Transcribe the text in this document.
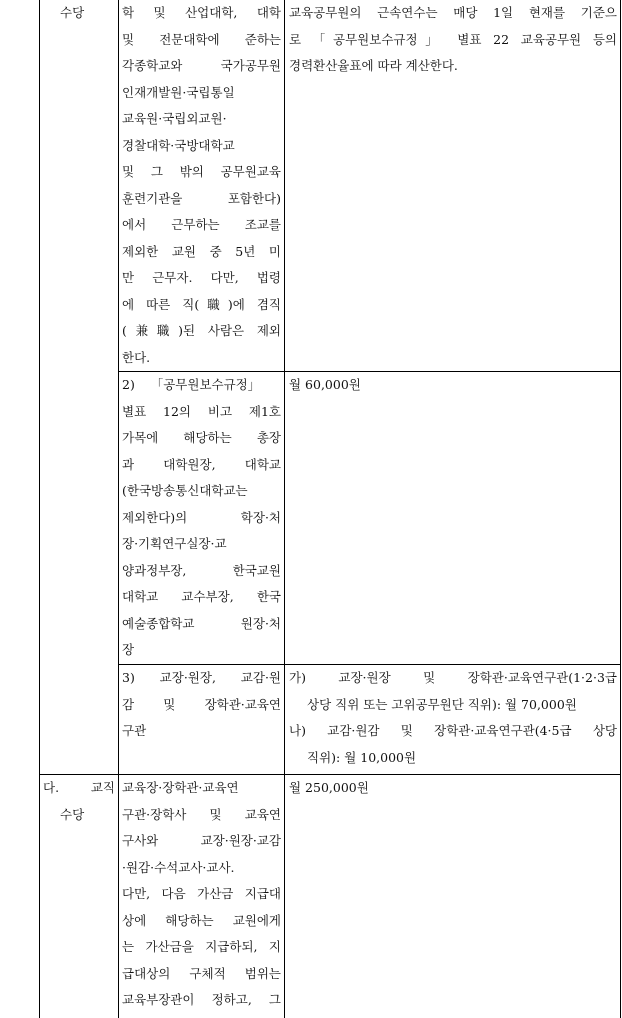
수당	학 및 산업대학, 대학
및 전문대학에 준하는
각종학교와 국가공무원
인재개발원·국립통일
교육원·국립외교원·
경찰대학·국방대학교
및 그 밖의 공무원교육
훈련기관을 포함한다)
에서 근무하는 조교를
제외한 교원 중 5년 미
만 근무자. 다만, 법령
에 따른 직(職)에 겸직
(兼職)된 사람은 제외
한다.
교육공무원의 근속연수는 매당 1일 현재를 기준으
로 「공무원보수규정」 별표 22 교육공무원 등의
경력환산율표에 따라 계산한다.
2)    「공무원보수규정」
별표 12의 비고 제1호
가목에 해당하는 총장
과 대학원장, 대학교
(한국방송통신대학교는
제외한다)의 학장·처
장·기획연구실장·교
양과정부장, 한국교원
대학교 교수부장, 한국
예술종합학교 원장·처
장
월 60,000원
3) 교장·원장, 교감·원
감 및 장학관·교육연
구관
가) 교장·원장 및 장학관·교육연구관(1·2·3급
상당 직위 또는 고위공무원단 직위): 월 70,000원
나) 교감·원감 및 장학관·교육연구관(4·5급 상당
직위): 월 10,000원
다. 교직
수당
교육장·장학관·교육연
구관·장학사 및 교육연
구사와 교장·원장·교감
·원감·수석교사·교사.
다만, 다음 가산금 지급대
상에 해당하는 교원에게
는 가산금을 지급하되, 지
급대상의 구체적 범위는
교육부장관이 정하고, 그
월 250,000원
